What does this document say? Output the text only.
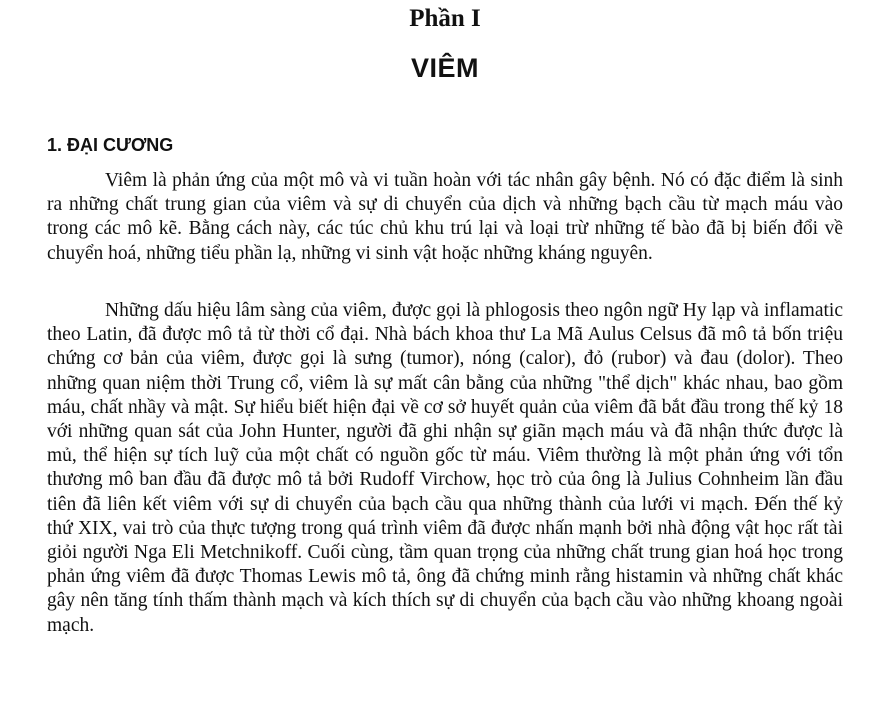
Phần I
VIÊM
1. ĐẠI CƯƠNG

Viêm là phản ứng của một mô và vi tuần hoàn với tác nhân gây bệnh. Nó có đặc điểm là sinh ra những chất trung gian của viêm và sự di chuyển của dịch và những bạch cầu từ mạch máu vào trong các mô kẽ. Bằng cách này, các túc chủ khu trú lại và loại trừ những tế bào đã bị biến đổi về chuyển hoá, những tiểu phần lạ, những vi sinh vật hoặc những kháng nguyên.

Những dấu hiệu lâm sàng của viêm, được gọi là phlogosis theo ngôn ngữ Hy lạp và inflamatic theo Latin, đã được mô tả từ thời cổ đại. Nhà bách khoa thư La Mã Aulus Celsus đã mô tả bốn triệu chứng cơ bản của viêm, được gọi là sưng (tumor), nóng (calor), đỏ (rubor) và đau (dolor). Theo những quan niệm thời Trung cổ, viêm là sự mất cân bằng của những "thể dịch" khác nhau, bao gồm máu, chất nhầy và mật. Sự hiểu biết hiện đại về cơ sở huyết quản của viêm đã bắt đầu trong thế kỷ 18 với những quan sát của John Hunter, người đã ghi nhận sự giãn mạch máu và đã nhận thức được là mủ, thể hiện sự tích luỹ của một chất có nguồn gốc từ máu. Viêm thường là một phản ứng với tổn thương mô ban đầu đã được mô tả bởi Rudoff Virchow, học trò của ông là Julius Cohnheim lần đầu tiên đã liên kết viêm với sự di chuyển của bạch cầu qua những thành của lưới vi mạch. Đến thế kỷ thứ XIX, vai trò của thực tượng trong quá trình viêm đã được nhấn mạnh bởi nhà động vật học rất tài giỏi người Nga Eli Metchnikoff. Cuối cùng, tầm quan trọng của những chất trung gian hoá học trong phản ứng viêm đã được Thomas Lewis mô tả, ông đã chứng minh rằng histamin và những chất khác gây nên tăng tính thấm thành mạch và kích thích sự di chuyển của bạch cầu vào những khoang ngoài mạch.
